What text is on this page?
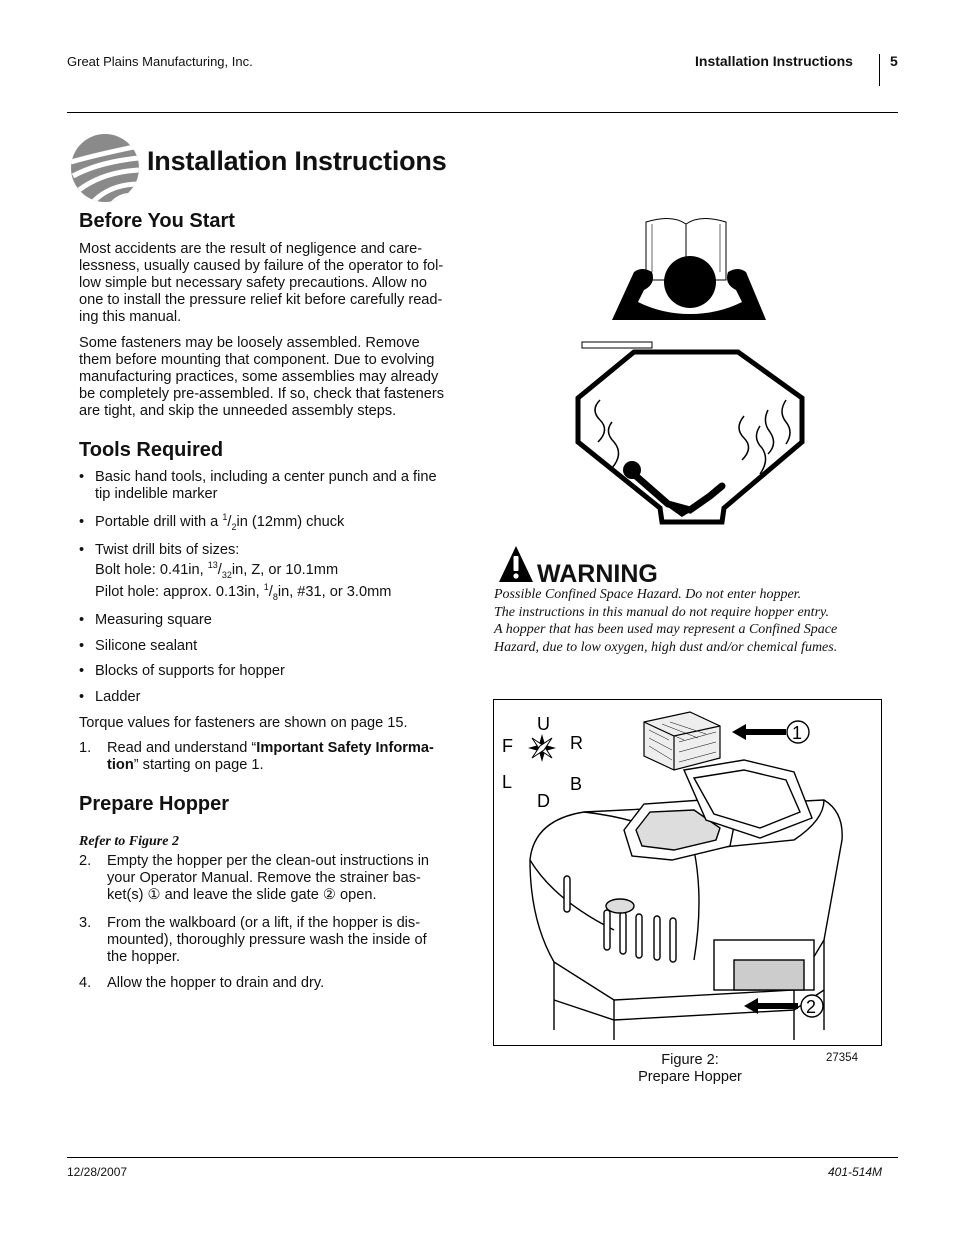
Great Plains Manufacturing, Inc.	Installation Instructions	5
Installation Instructions
Before You Start
Most accidents are the result of negligence and care-
lessness, usually caused by failure of the operator to fol-
low simple but necessary safety precautions. Allow no
one to install the pressure relief kit before carefully read-
ing this manual.
Some fasteners may be loosely assembled. Remove
them before mounting that component. Due to evolving
manufacturing practices, some assemblies may already
be completely pre-assembled. If so, check that fasteners
are tight, and skip the unneeded assembly steps.
Tools Required
• Basic hand tools, including a center punch and a fine
tip indelible marker
• Portable drill with a $^1/_2in$ (12mm) chuck
• Twist drill bits of sizes:
Bolt hole: 0.41in, $^{13}/_{32}in$, Z, or 10.1mm
Pilot hole: approx. 0.13in, $^1/_8in$, #31, or 3.0mm
• Measuring square
• Silicone sealant
• Blocks of supports for hopper
• Ladder
Torque values for fasteners are shown on page 15.
1. Read and understand “Important Safety Informa-
tion” starting on page 1.
Prepare Hopper
Refer to Figure 2
2. Empty the hopper per the clean-out instructions in
your Operator Manual. Remove the strainer bas-
ket(s) ① and leave the slide gate ② open.
3. From the walkboard (or a lift, if the hopper is dis-
mounted), thoroughly pressure wash the inside of
the hopper.
4. Allow the hopper to drain and dry.
WARNING
Possible Confined Space Hazard. Do not enter hopper.
The instructions in this manual do not require hopper entry.
A hopper that has been used may represent a Confined Space
Hazard, due to low oxygen, high dust and/or chemical fumes.
U
F	R
L	B
D
1
2
Figure 2:
Prepare Hopper
27354
12/28/2007	401-514M
